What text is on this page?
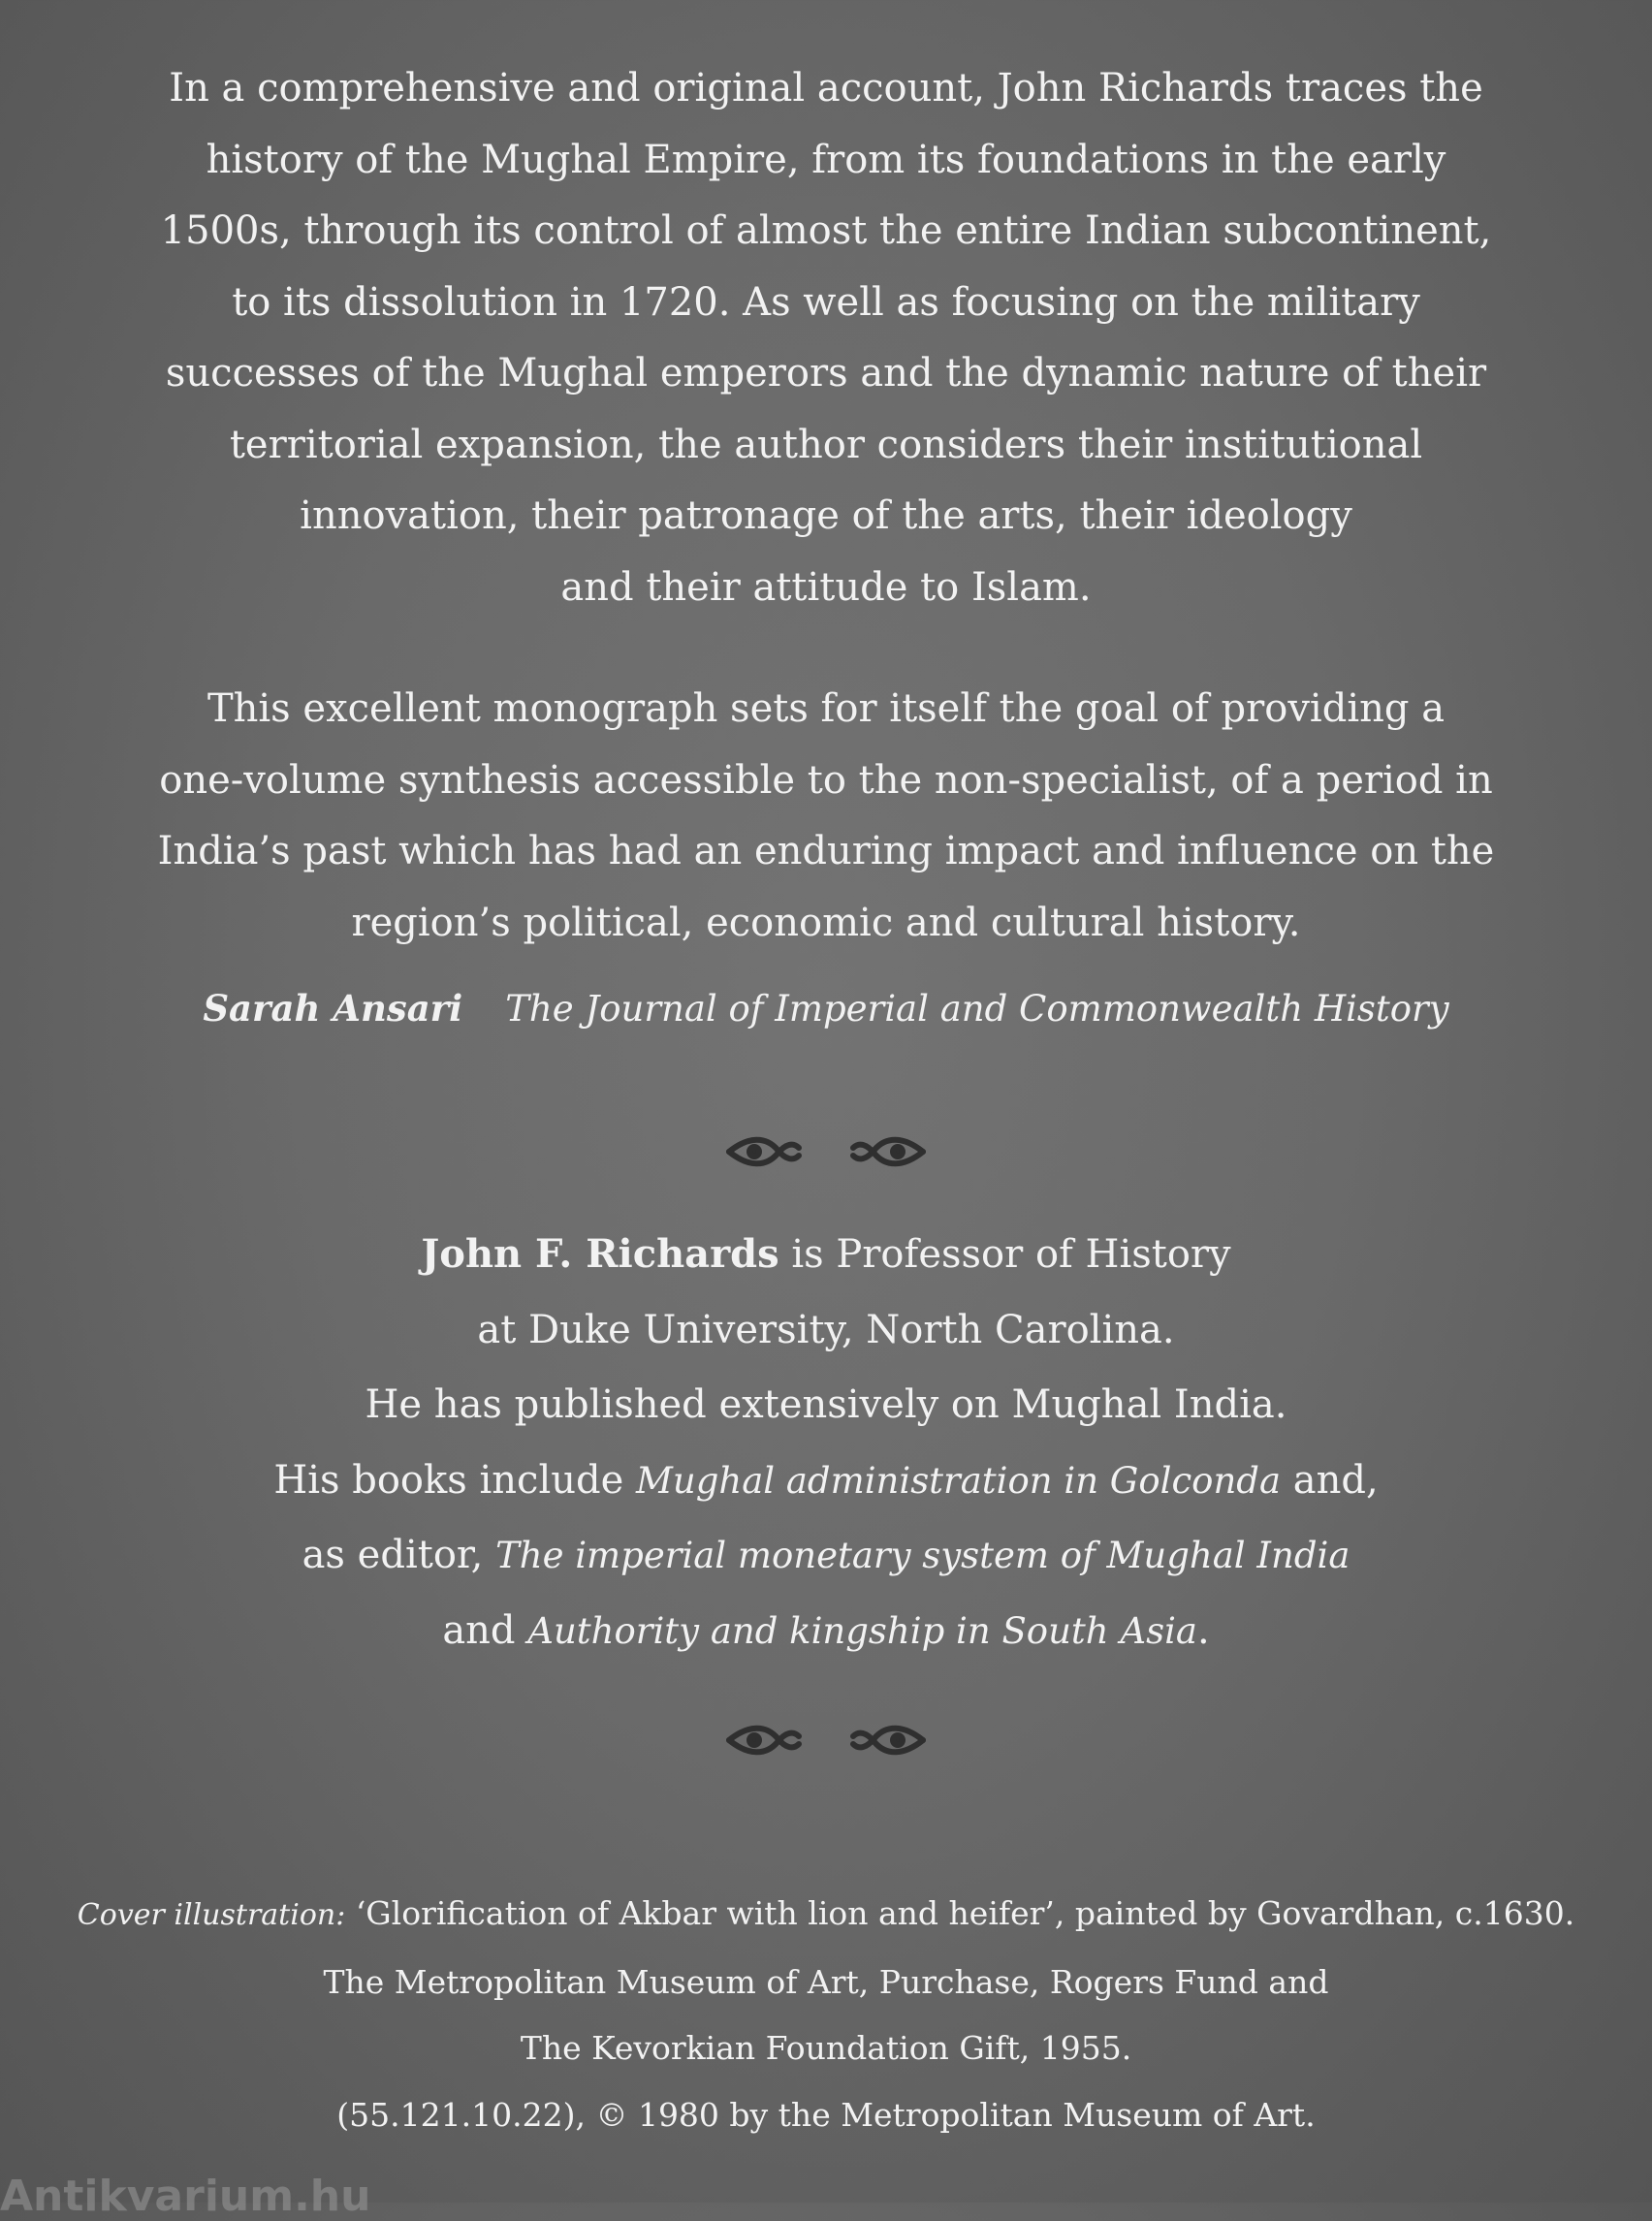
In a comprehensive and original account, John Richards traces the
history of the Mughal Empire, from its foundations in the early
1500s, through its control of almost the entire Indian subcontinent,
to its dissolution in 1720. As well as focusing on the military
successes of the Mughal emperors and the dynamic nature of their
territorial expansion, the author considers their institutional
innovation, their patronage of the arts, their ideology
and their attitude to Islam.

This excellent monograph sets for itself the goal of providing a
one-volume synthesis accessible to the non-specialist, of a period in
India’s past which has had an enduring impact and influence on the
region’s political, economic and cultural history.

Sarah Ansari The Journal of Imperial and Commonwealth History

John F. Richards is Professor of History
at Duke University, North Carolina.
He has published extensively on Mughal India.
His books include Mughal administration in Golconda and,
as editor, The imperial monetary system of Mughal India
and Authority and kingship in South Asia.

Cover illustration: ‘Glorification of Akbar with lion and heifer’, painted by Govardhan, c.1630.
The Metropolitan Museum of Art, Purchase, Rogers Fund and
The Kevorkian Foundation Gift, 1955.
(55.121.10.22), © 1980 by the Metropolitan Museum of Art.

Antikvarium.hu
